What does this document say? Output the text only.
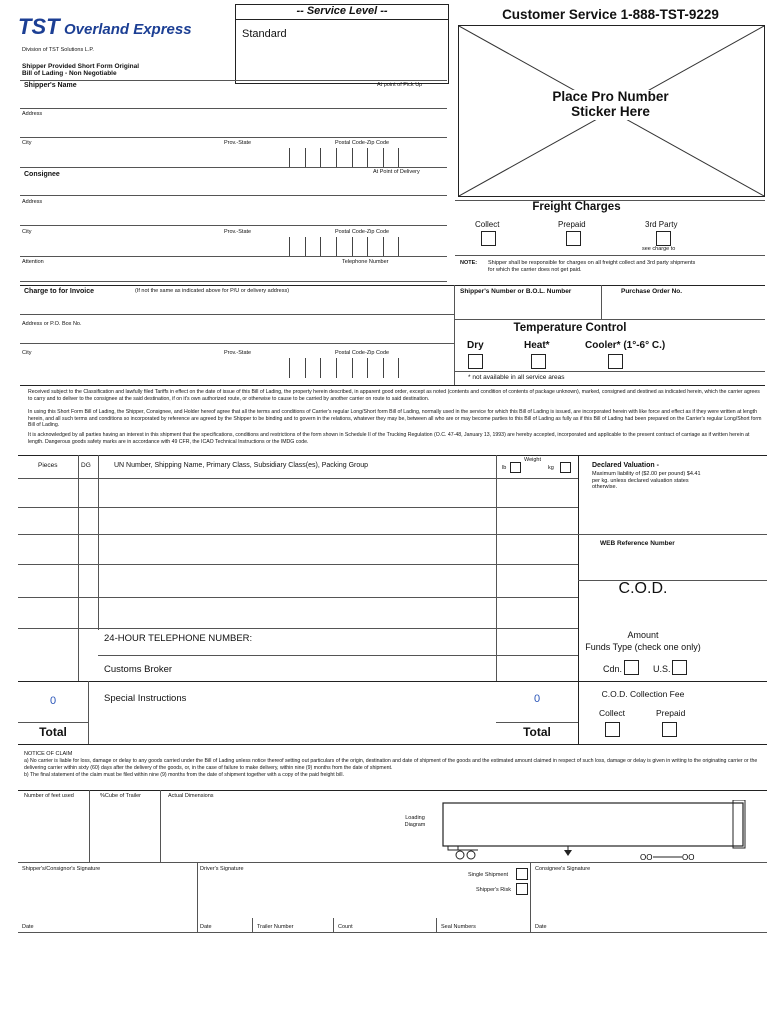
TST Overland Express
Division of TST Solutions L.P.
Shipper Provided Short Form Original
Bill of Lading - Non Negotiable
-- Service Level --
Standard
Customer Service 1-888-TST-9229
Place Pro Number Sticker Here
Shipper's Name	At point of Pick Up
Address
City	Prov.-State	Postal Code-Zip Code
Consignee	At Point of Delivery
Address
City	Prov.-State	Postal Code-Zip Code
Attention	Telephone Number
Freight Charges
Collect	Prepaid	3rd Party
see charge to
NOTE: Shipper shall be responsible for charges on all freight collect and 3rd party shipments for which the carrier does not get paid.
Charge to for Invoice	(If not the same as indicated above for P/U or delivery address)	Shipper's Number or B.O.L. Number	Purchase Order No.
Address or P.O. Box No.
City	Prov.-State	Postal Code-Zip Code
Temperature Control
Dry	Heat*	Cooler* (1°-6° C.)
* not available in all service areas
Received subject to the Classification and lawfully filed Tariffs in effect on the date of issue of this Bill of Lading, the property herein described, in apparent good order, except as noted (contents and condition of contents of package unknown), marked, consigned and destined as indicated herein, which the carrier agrees to carry and to deliver to the consignee at the said destination, if on it's own authorized route, or otherwise to cause to be carried by another carrier on route to said destination.
In using this Short Form Bill of Lading, the Shipper, Consignee, and Holder hereof agree that all the terms and conditions of Carrier's regular Long/Short form Bill of Lading, normally used in the service for which this Bill of Lading is issued, are incorporated herein with like force and effect as if they were written at length herein, and all such terms and conditions so incorporated by reference are agreed by the Shipper to be binding and to govern in the relations, whatever they may be, between all who are or may become parties to this Bill of Lading as fully as if this Bill of Lading had been prepared on the Carrier's regular Long/Short form Bill of Lading.
It is acknowledged by all parties having an interest in this shipment that the specifications, conditions and restrictions of the form shown in Schedule II of the Trucking Regulation (O.C. 47-48, January 13, 1993) are hereby accepted, incorporated and applicable to the present contract of carriage as if written herein at length. Dangerous goods safety marks are in accordance with 49 CFR, the ICAO Technical Instructions or the IMDG code.
Pieces	DG	UN Number, Shipping Name, Primary Class, Subsidiary Class(es), Packing Group
Weight
lb	kg	Declared Valuation -
Maximum liability of ($2.00 per pound) $4.41 per kg. unless declared valuation states otherwise.
WEB Reference Number
C.O.D.
24-HOUR TELEPHONE NUMBER:
Customs Broker
Amount
Funds Type (check one only)
Cdn.	U.S.
Special Instructions
0	0	C.O.D. Collection Fee
Collect	Prepaid
Total	Total
NOTICE OF CLAIM
a) No carrier is liable for loss, damage or delay to any goods carried under the Bill of Lading unless notice thereof setting out particulars of the origin, destination and date of shipment of the goods and the estimated amount claimed in respect of such loss, damage or delay is given in writing to the originating carrier or the delivering carrier within sixty (60) days after the delivery of the goods, or, in the case of failure to make delivery, within nine (9) months from the date of shipment.
b) The final statement of the claim must be filed within nine (9) months from the date of shipment together with a copy of the paid freight bill.
Number of feet used	%Cube of Trailer	Actual Dimensions
Loading Diagram
OO	OO
Shipper's/Consignor's Signature	Driver's Signature	Consignee's Signature
Single Shipment
Shipper's Risk
Date	Date	Trailer Number	Count	Seal Numbers	Date
